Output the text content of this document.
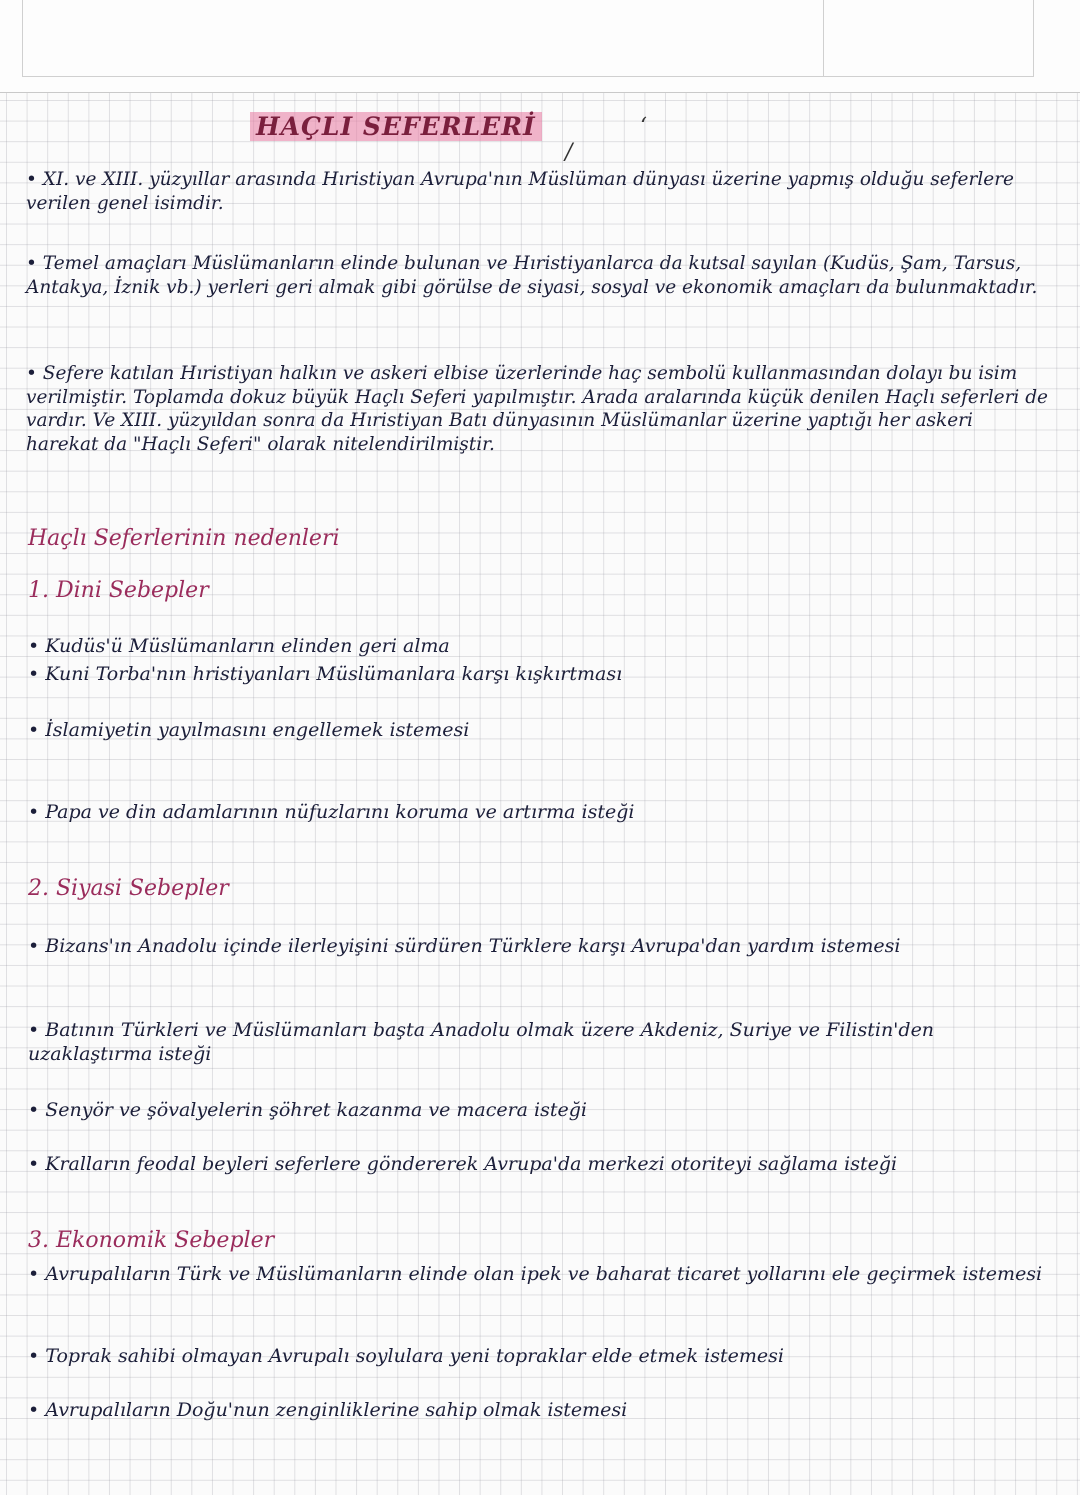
HAÇLI SEFERLERİ	ʻ
/
• XI. ve XIII. yüzyıllar arasında Hıristiyan Avrupa'nın Müslüman dünyası üzerine yapmış olduğu seferlere verilen genel isimdir.
• Temel amaçları Müslümanların elinde bulunan ve Hıristiyanlarca da kutsal sayılan (Kudüs, Şam, Tarsus, Antakya, İznik vb.) yerleri geri almak gibi görülse de siyasi, sosyal ve ekonomik amaçları da bulunmaktadır.
• Sefere katılan Hıristiyan halkın ve askeri elbise üzerlerinde haç sembolü kullanmasından dolayı bu isim verilmiştir. Toplamda dokuz büyük Haçlı Seferi yapılmıştır. Arada aralarında küçük denilen Haçlı seferleri de vardır. Ve XIII. yüzyıldan sonra da Hıristiyan Batı dünyasının Müslümanlar üzerine yaptığı her askeri harekat da "Haçlı Seferi" olarak nitelendirilmiştir.
Haçlı Seferlerinin nedenleri
1. Dini Sebepler
• Kudüs'ü Müslümanların elinden geri alma
• Kuni Torba'nın hristiyanları Müslümanlara karşı kışkırtması
• İslamiyetin yayılmasını engellemek istemesi
• Papa ve din adamlarının nüfuzlarını koruma ve artırma isteği
2. Siyasi Sebepler
• Bizans'ın Anadolu içinde ilerleyişini sürdüren Türklere karşı Avrupa'dan yardım istemesi
• Batının Türkleri ve Müslümanları başta Anadolu olmak üzere Akdeniz, Suriye ve Filistin'den uzaklaştırma isteği
• Senyör ve şövalyelerin şöhret kazanma ve macera isteği
• Kralların feodal beyleri seferlere göndererek Avrupa'da merkezi otoriteyi sağlama isteği
3. Ekonomik Sebepler
• Avrupalıların Türk ve Müslümanların elinde olan ipek ve baharat ticaret yollarını ele geçirmek istemesi
• Toprak sahibi olmayan Avrupalı soylulara yeni topraklar elde etmek istemesi
• Avrupalıların Doğu'nun zenginliklerine sahip olmak istemesi
